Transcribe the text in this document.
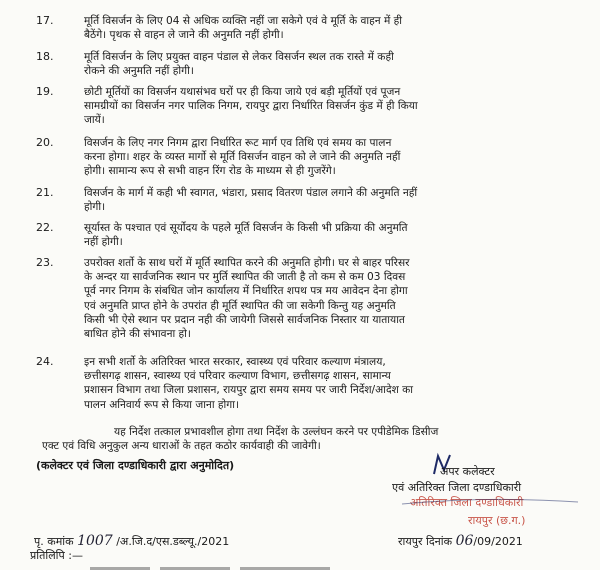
17.	मूर्ति विसर्जन के लिए 04 से अधिक व्यक्ति नहीं जा सकेगे एवं वे मूर्ति के वाहन में ही
बैठेंगे। पृथक से वाहन ले जाने की अनुमति नहीं होगी।
18.	मूर्ति विसर्जन के लिए प्रयुक्त वाहन पंडाल से लेकर विसर्जन स्थल तक रास्ते में कही
रोकने की अनुमति नहीं होगी।
19.	छोटी मूर्तियों का विसर्जन यथासंभव घरों पर ही किया जाये एवं बड़ी मूर्तियों एवं पूजन
सामग्रीयों का विसर्जन नगर पालिक निगम, रायपुर द्वारा निर्धारित विसर्जन कुंड में ही किया
जायें।
20.	विसर्जन के लिए नगर निगम द्वारा निर्धारित रूट मार्ग एव तिथि एवं समय का पालन
करना होगा। शहर के व्यस्त मार्गो से मूर्ति विसर्जन वाहन को ले जाने की अनुमति नहीं
होगी। सामान्य रूप से सभी वाहन रिंग रोड के माध्यम से ही गुजरेंगे।
21.	विसर्जन के मार्ग में कही भी स्वागत, भंडारा, प्रसाद वितरण पंडाल लगाने की अनुमति नहीं
होगी।
22.	सूर्यास्त के पश्चात एवं सूर्योदय के पहले मूर्ति विसर्जन के किसी भी प्रक्रिया की अनुमति
नहीं होगी।
23.	उपरोक्त शर्तो के साथ घरों में मूर्ति स्थापित करने की अनुमति होगी। घर से बाहर परिसर
के अन्दर या सार्वजनिक स्थान पर मुर्ति स्थापित की जाती है तो कम से कम 03 दिवस
पूर्व नगर निगम के संबधित जोन कार्यालय में निर्धारित शपथ पत्र मय आवेदन देना होगा
एवं अनुमति प्राप्त होने के उपरांत ही मूर्ति स्थापित की जा सकेगी किन्तु यह अनुमति
किसी भी ऐसे स्थान पर प्रदान नही की जायेगी जिससे सार्वजनिक निस्तार या यातायात
बाधित होने की संभावना हो।
24.	इन सभी शर्तो के अतिरिक्त भारत सरकार, स्वास्थ्य एवं परिवार कल्याण मंत्रालय,
छत्तीसगढ़ शासन, स्वास्थ्य एवं परिवार कल्याण विभाग, छत्तीसगढ़ शासन, सामान्य
प्रशासन विभाग तथा जिला प्रशासन, रायपुर द्वारा समय समय पर जारी निर्देश/आदेश का
पालन अनिवार्य रूप से किया जाना होगा।
यह निर्देश तत्काल प्रभावशील होगा तथा निर्देश के उल्लंघन करने पर एपीडेमिक डिसीज
एक्ट एवं विधि अनुकुल अन्य धाराओं के तहत कठोर कार्यवाही की जावेगी।
(कलेक्टर एवं जिला दण्डाधिकारी द्वारा अनुमोदित)	अपर कलेक्टर
एवं अतिरिक्त जिला दण्डाधिकारी
अतिरिक्त जिला दण्डाधिकारी
रायपुर (छ.ग.)
पृ. कमांक 1007 /अ.जि.द/एस.डब्ल्यू./2021	रायपुर दिनांक 06/09/2021
प्रतिलिपि :—
